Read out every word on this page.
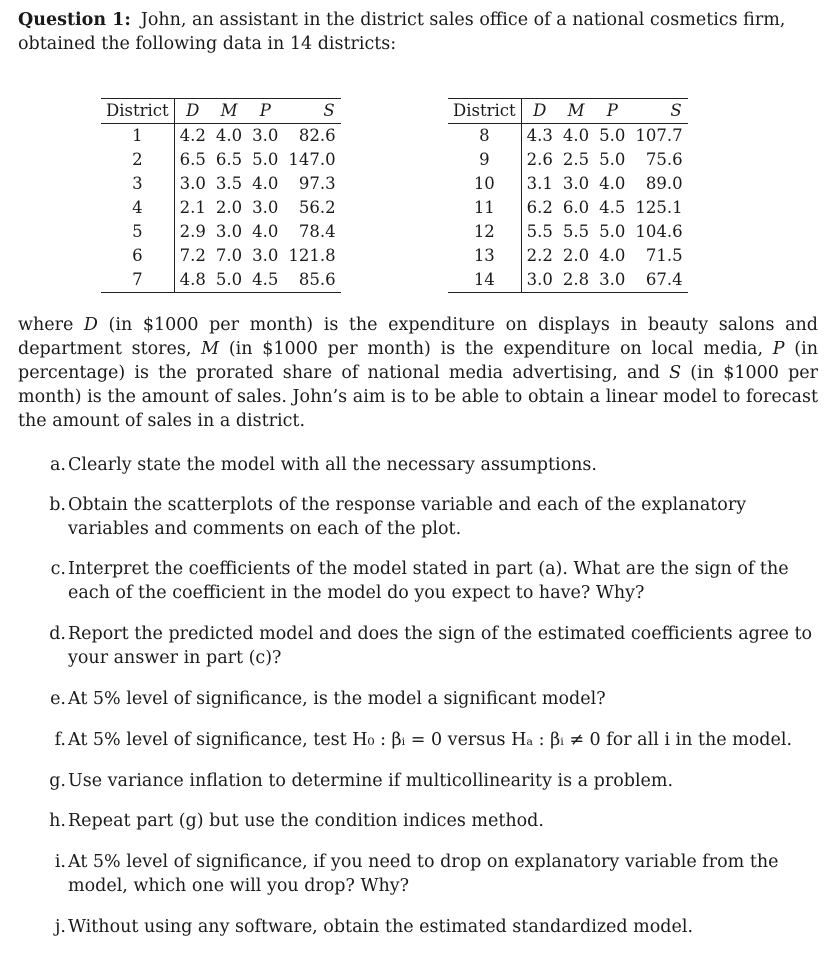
Question 1: John, an assistant in the district sales office of a national cosmetics firm, obtained the following data in 14 districts:

District	D	M	P	S
1	4.2	4.0	3.0	82.6
2	6.5	6.5	5.0	147.0
3	3.0	3.5	4.0	97.3
4	2.1	2.0	3.0	56.2
5	2.9	3.0	4.0	78.4
6	7.2	7.0	3.0	121.8
7	4.8	5.0	4.5	85.6
District	D	M	P	S
8	4.3	4.0	5.0	107.7
9	2.6	2.5	5.0	75.6
10	3.1	3.0	4.0	89.0
11	6.2	6.0	4.5	125.1
12	5.5	5.5	5.0	104.6
13	2.2	2.0	4.0	71.5
14	3.0	2.8	3.0	67.4

where D (in $1000 per month) is the expenditure on displays in beauty salons and department stores, M (in $1000 per month) is the expenditure on local media, P (in percentage) is the prorated share of national media advertising, and S (in $1000 per month) is the amount of sales. John’s aim is to be able to obtain a linear model to forecast the amount of sales in a district.

a. Clearly state the model with all the necessary assumptions.
b. Obtain the scatterplots of the response variable and each of the explanatory variables and comments on each of the plot.
c. Interpret the coefficients of the model stated in part (a). What are the sign of the each of the coefficient in the model do you expect to have? Why?
d. Report the predicted model and does the sign of the estimated coefficients agree to your answer in part (c)?
e. At 5% level of significance, is the model a significant model?
f. At 5% level of significance, test H₀ : βᵢ = 0 versus Hₐ : βᵢ ≠ 0 for all i in the model.
g. Use variance inflation to determine if multicollinearity is a problem.
h. Repeat part (g) but use the condition indices method.
i. At 5% level of significance, if you need to drop on explanatory variable from the model, which one will you drop? Why?
j. Without using any software, obtain the estimated standardized model.
